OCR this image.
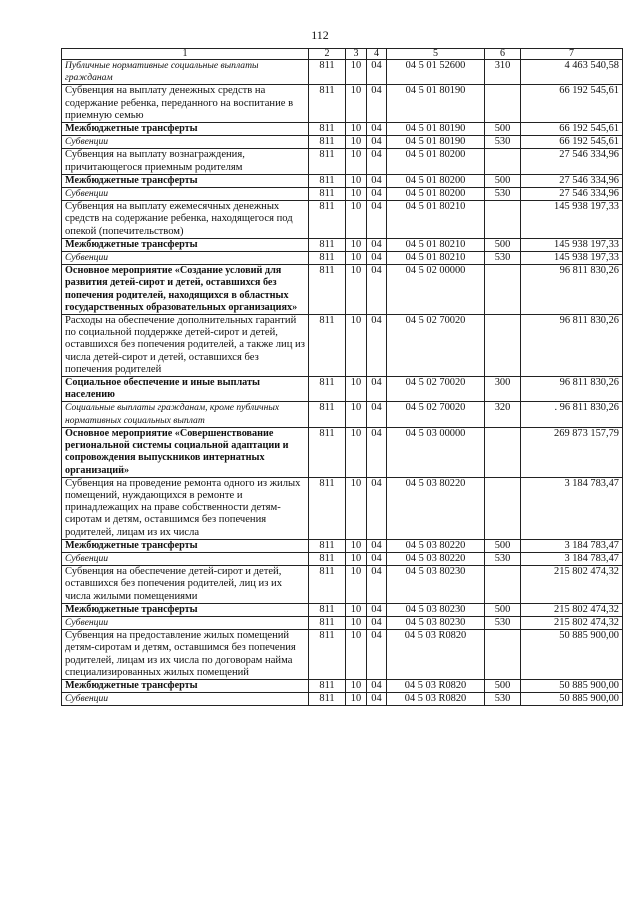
112
1	2	3	4	5	6	7
Публичные нормативные социальные выплаты гражданам	811	10	04	04 5 01 52600	310	4 463 540,58
Субвенция на выплату денежных средств на содержание ребенка, переданного на воспитание в приемную семью	811	10	04	04 5 01 80190		66 192 545,61
Межбюджетные трансферты	811	10	04	04 5 01 80190	500	66 192 545,61
Субвенции	811	10	04	04 5 01 80190	530	66 192 545,61
Субвенция на выплату вознаграждения, причитающегося приемным родителям	811	10	04	04 5 01 80200		27 546 334,96
Межбюджетные трансферты	811	10	04	04 5 01 80200	500	27 546 334,96
Субвенции	811	10	04	04 5 01 80200	530	27 546 334,96
Субвенция на выплату ежемесячных денежных средств на содержание ребенка, находящегося под опекой (попечительством)	811	10	04	04 5 01 80210		145 938 197,33
Межбюджетные трансферты	811	10	04	04 5 01 80210	500	145 938 197,33
Субвенции	811	10	04	04 5 01 80210	530	145 938 197,33
Основное мероприятие «Создание условий для развития детей-сирот и детей, оставшихся без попечения родителей, находящихся в областных государственных образовательных организациях»	811	10	04	04 5 02 00000		96 811 830,26
Расходы на обеспечение дополнительных гарантий по социальной поддержке детей-сирот и детей, оставшихся без попечения родителей, а также лиц из числа детей-сирот и детей, оставшихся без попечения родителей	811	10	04	04 5 02 70020		96 811 830,26
Социальное обеспечение и иные выплаты населению	811	10	04	04 5 02 70020	300	96 811 830,26
Социальные выплаты гражданам, кроме публичных нормативных социальных выплат	811	10	04	04 5 02 70020	320	. 96 811 830,26
Основное мероприятие «Совершенствование региональной системы социальной адаптации и сопровождения выпускников интернатных организаций»	811	10	04	04 5 03 00000		269 873 157,79
Субвенция на проведение ремонта одного из жилых помещений, нуждающихся в ремонте и принадлежащих на праве собственности детям-сиротам и детям, оставшимся без попечения родителей, лицам из их числа	811	10	04	04 5 03 80220		3 184 783,47
Межбюджетные трансферты	811	10	04	04 5 03 80220	500	3 184 783,47
Субвенции	811	10	04	04 5 03 80220	530	3 184 783,47
Субвенция на обеспечение детей-сирот и детей, оставшихся без попечения родителей, лиц из их числа жилыми помещениями	811	10	04	04 5 03 80230		215 802 474,32
Межбюджетные трансферты	811	10	04	04 5 03 80230	500	215 802 474,32
Субвенции	811	10	04	04 5 03 80230	530	215 802 474,32
Субвенция на предоставление жилых помещений детям-сиротам и детям, оставшимся без попечения родителей, лицам из их числа по договорам найма специализированных жилых помещений	811	10	04	04 5 03 R0820		50 885 900,00
Межбюджетные трансферты	811	10	04	04 5 03 R0820	500	50 885 900,00
Субвенции	811	10	04	04 5 03 R0820	530	50 885 900,00
